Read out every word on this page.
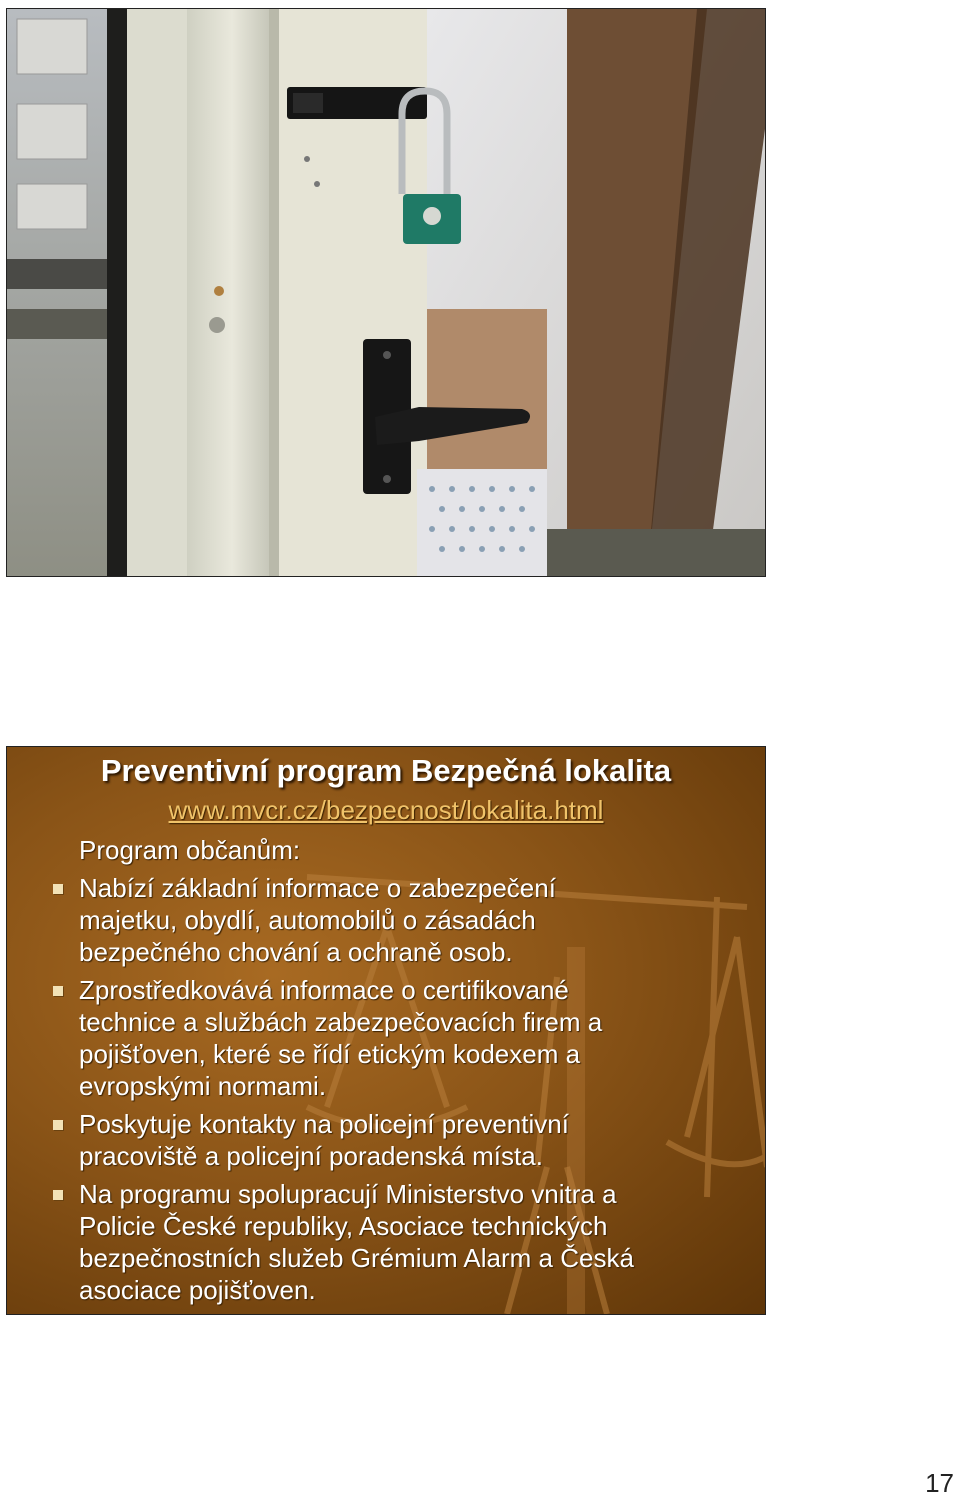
Preventivní program Bezpečná lokalita
www.mvcr.cz/bezpecnost/lokalita.html
Program občanům:
Nabízí základní informace o zabezpečení
majetku, obydlí, automobilů o zásadách
bezpečného chování a ochraně osob.
Zprostředkovává informace o certifikované
technice a službách zabezpečovacích firem a
pojišťoven, které se řídí etickým kodexem a
evropskými normami.
Poskytuje kontakty na policejní preventivní
pracoviště a policejní poradenská místa.
Na programu spolupracují Ministerstvo vnitra a
Policie České republiky, Asociace technických
bezpečnostních služeb Grémium Alarm a Česká
asociace pojišťoven.
17
